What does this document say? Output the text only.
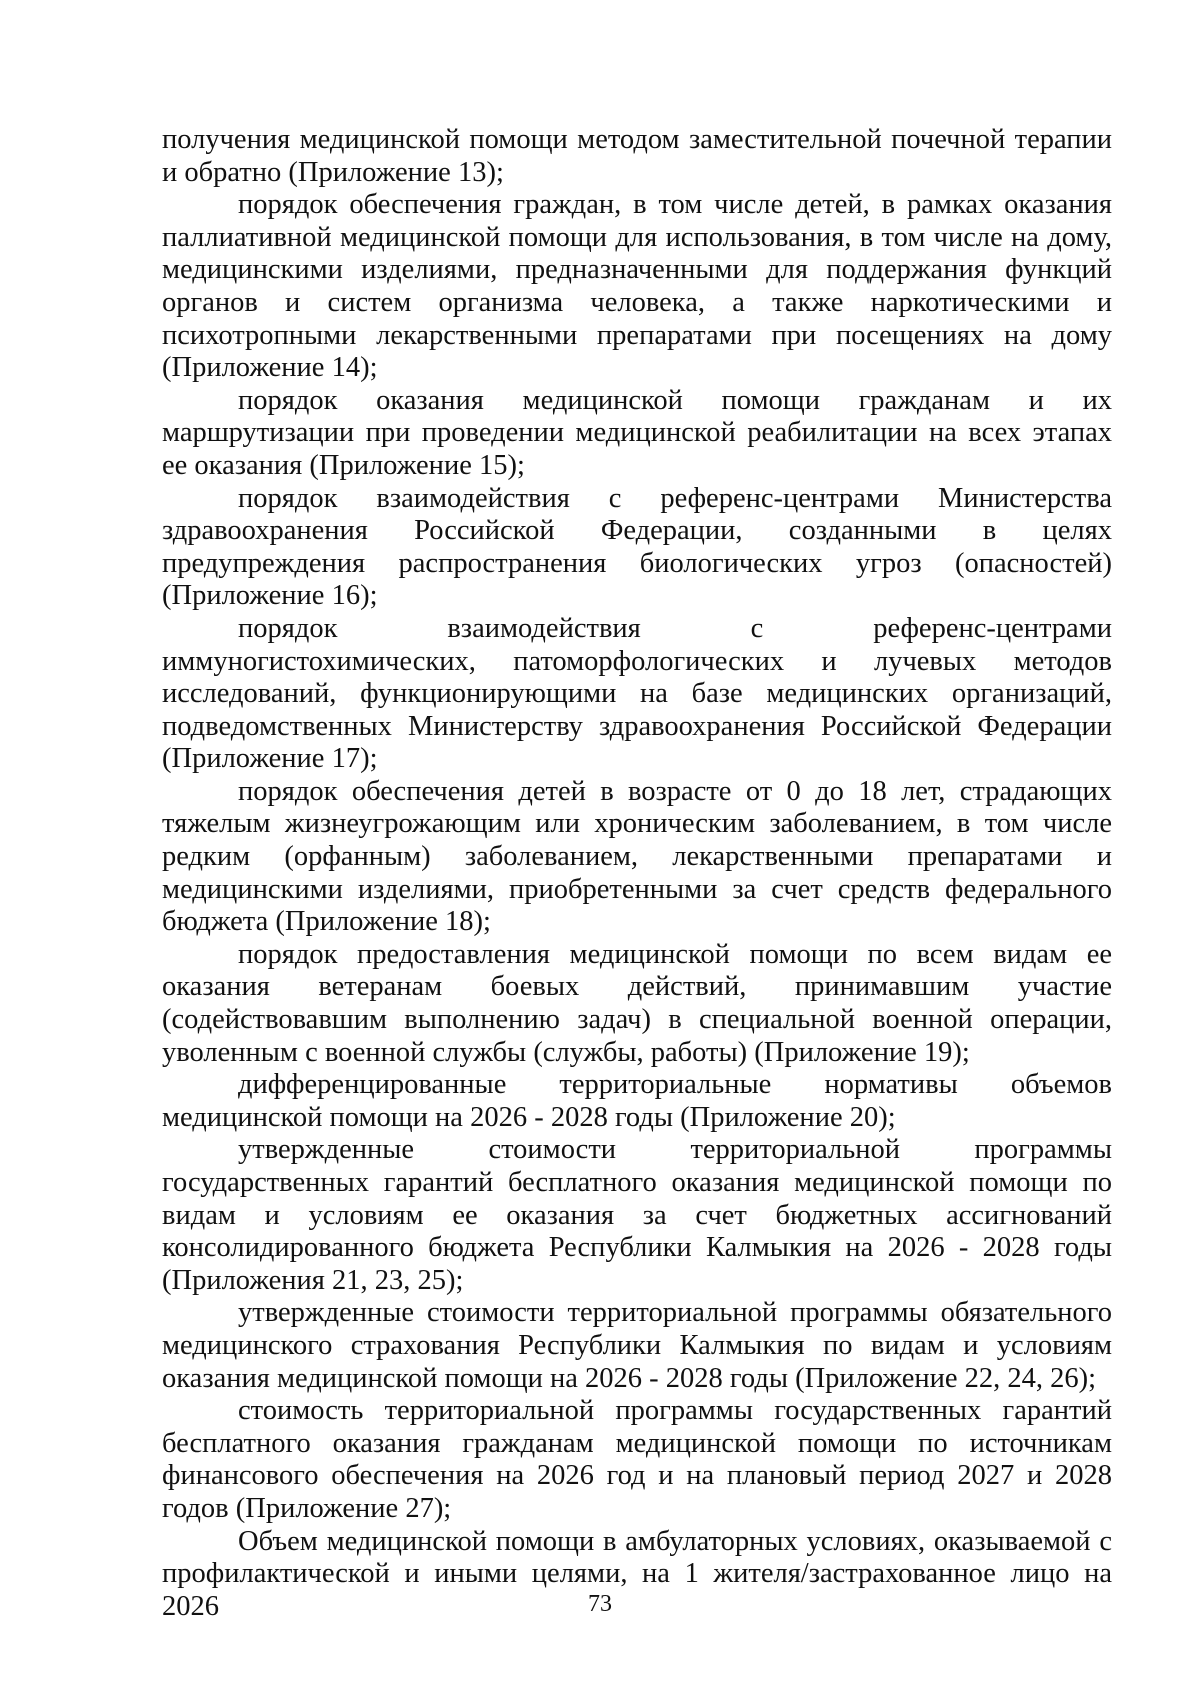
получения медицинской помощи методом заместительной почечной терапии и обратно (Приложение 13);

порядок обеспечения граждан, в том числе детей, в рамках оказания паллиативной медицинской помощи для использования, в том числе на дому, медицинскими изделиями, предназначенными для поддержания функций органов и систем организма человека, а также наркотическими и психотропными лекарственными препаратами при посещениях на дому (Приложение 14);

порядок оказания медицинской помощи гражданам и их маршрутизации при проведении медицинской реабилитации на всех этапах ее оказания (Приложение 15);

порядок взаимодействия с референс-центрами Министерства здравоохранения Российской Федерации, созданными в целях предупреждения распространения биологических угроз (опасностей) (Приложение 16);

порядок взаимодействия с референс-центрами иммуногистохимических, патоморфологических и лучевых методов исследований, функционирующими на базе медицинских организаций, подведомственных Министерству здравоохранения Российской Федерации (Приложение 17);

порядок обеспечения детей в возрасте от 0 до 18 лет, страдающих тяжелым жизнеугрожающим или хроническим заболеванием, в том числе редким (орфанным) заболеванием, лекарственными препаратами и медицинскими изделиями, приобретенными за счет средств федерального бюджета (Приложение 18);

порядок предоставления медицинской помощи по всем видам ее оказания ветеранам боевых действий, принимавшим участие (содействовавшим выполнению задач) в специальной военной операции, уволенным с военной службы (службы, работы) (Приложение 19);

дифференцированные территориальные нормативы объемов медицинской помощи на 2026 - 2028 годы (Приложение 20);

утвержденные стоимости территориальной программы государственных гарантий бесплатного оказания медицинской помощи по видам и условиям ее оказания за счет бюджетных ассигнований консолидированного бюджета Республики Калмыкия на 2026 - 2028 годы (Приложения 21, 23, 25);

утвержденные стоимости территориальной программы обязательного медицинского страхования Республики Калмыкия по видам и условиям оказания медицинской помощи на 2026 - 2028 годы (Приложение 22, 24, 26);

стоимость территориальной программы государственных гарантий бесплатного оказания гражданам медицинской помощи по источникам финансового обеспечения на 2026 год и на плановый период 2027 и 2028 годов (Приложение 27);

Объем медицинской помощи в амбулаторных условиях, оказываемой с профилактической и иными целями, на 1 жителя/застрахованное лицо на 2026	73
